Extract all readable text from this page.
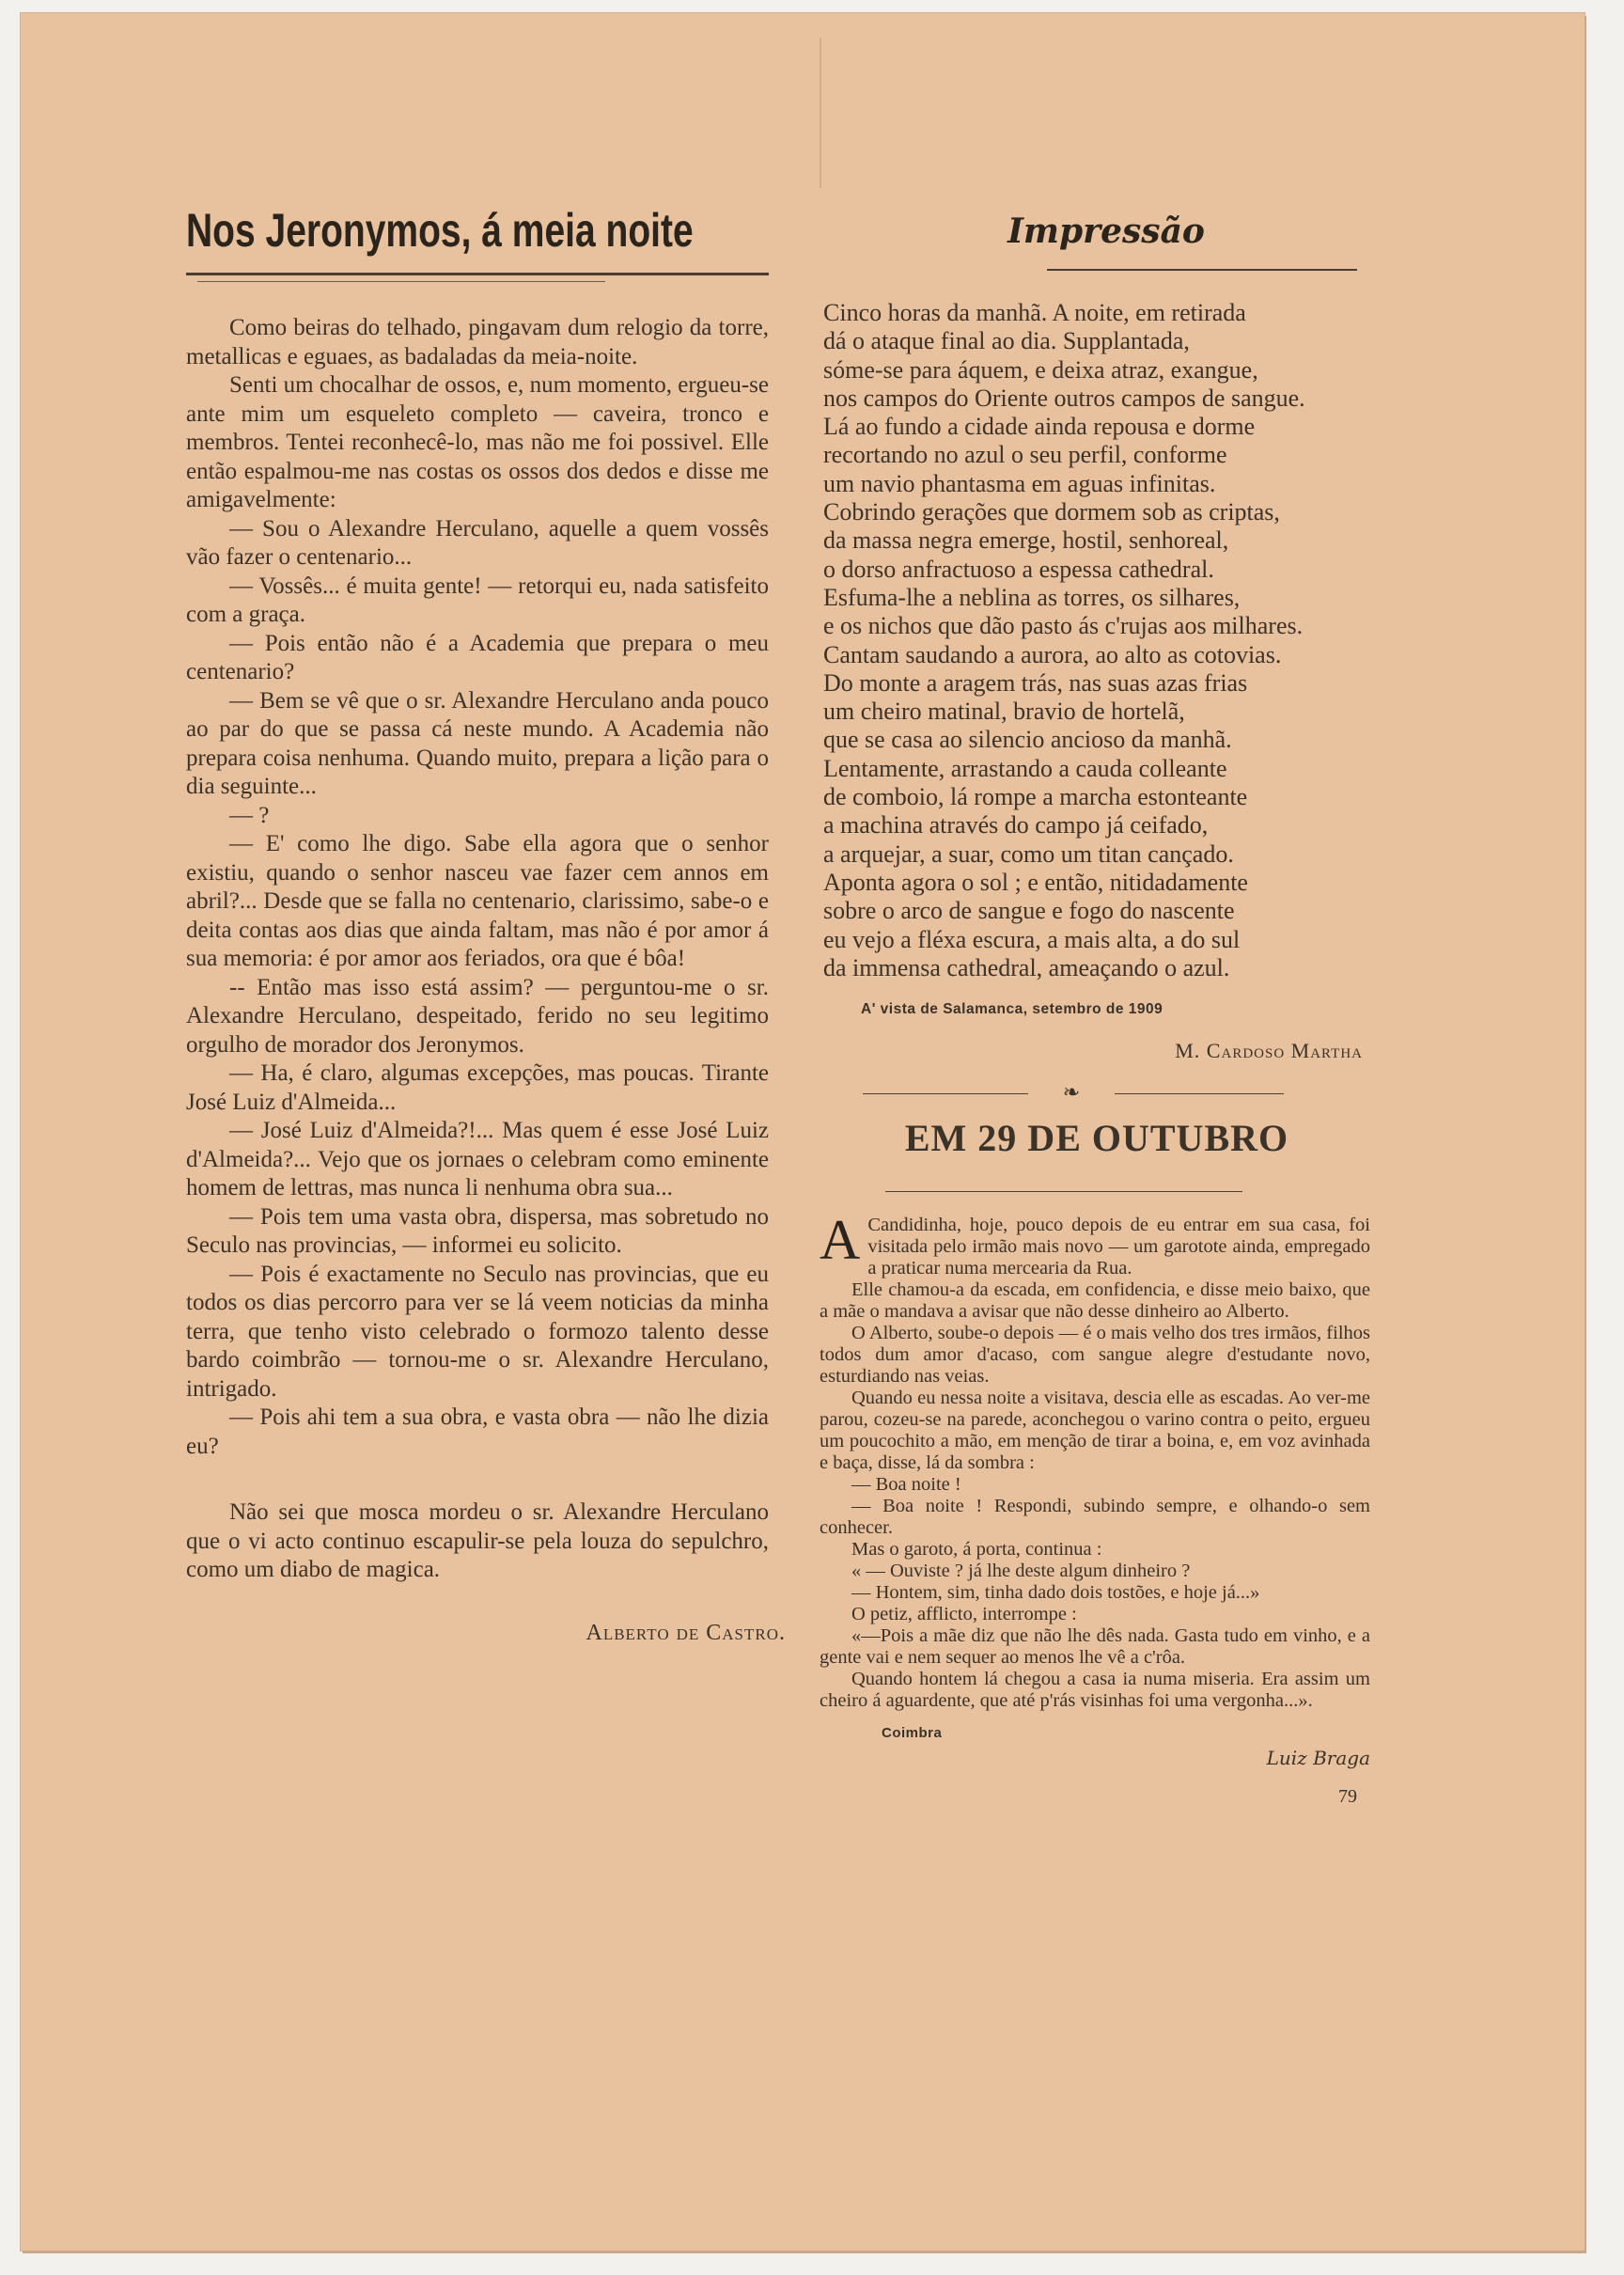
Nos Jeronymos, á meia noite

Como beiras do telhado, pingavam dum relogio da torre, metallicas e eguaes, as badaladas da meia-noite.

Senti um chocalhar de ossos, e, num momento, ergueu-se ante mim um esqueleto completo — caveira, tronco e membros. Tentei reconhecê-lo, mas não me foi possivel. Elle então espalmou-me nas costas os ossos dos dedos e disse me amigavelmente:

— Sou o Alexandre Herculano, aquelle a quem vossês vão fazer o centenario...

— Vossês... é muita gente! — retorqui eu, nada satisfeito com a graça.

— Pois então não é a Academia que prepara o meu centenario?

— Bem se vê que o sr. Alexandre Herculano anda pouco ao par do que se passa cá neste mundo. A Academia não prepara coisa nenhuma. Quando muito, prepara a lição para o dia seguinte...

— ?

— E' como lhe digo. Sabe ella agora que o senhor existiu, quando o senhor nasceu vae fazer cem annos em abril?... Desde que se falla no centenario, clarissimo, sabe-o e deita contas aos dias que ainda faltam, mas não é por amor á sua memoria: é por amor aos feriados, ora que é bôa!

-- Então mas isso está assim? — perguntou-me o sr. Alexandre Herculano, despeitado, ferido no seu legitimo orgulho de morador dos Jeronymos.

— Ha, é claro, algumas excepções, mas poucas. Tirante José Luiz d'Almeida...

— José Luiz d'Almeida?!... Mas quem é esse José Luiz d'Almeida?... Vejo que os jornaes o celebram como eminente homem de lettras, mas nunca li nenhuma obra sua...

— Pois tem uma vasta obra, dispersa, mas sobretudo no Seculo nas provincias, — informei eu solicito.

— Pois é exactamente no Seculo nas provincias, que eu todos os dias percorro para ver se lá veem noticias da minha terra, que tenho visto celebrado o formozo talento desse bardo coimbrão — tornou-me o sr. Alexandre Herculano, intrigado.

— Pois ahi tem a sua obra, e vasta obra — não lhe dizia eu?

Não sei que mosca mordeu o sr. Alexandre Herculano que o vi acto continuo escapulir-se pela louza do sepulchro, como um diabo de magica.

Alberto de Castro.
Impressão
Cinco horas da manhã. A noite, em retirada
dá o ataque final ao dia. Supplantada,
sóme-se para áquem, e deixa atraz, exangue,
nos campos do Oriente outros campos de sangue.
Lá ao fundo a cidade ainda repousa e dorme
recortando no azul o seu perfil, conforme
um navio phantasma em aguas infinitas.
Cobrindo gerações que dormem sob as criptas,
da massa negra emerge, hostil, senhoreal,
o dorso anfractuoso a espessa cathedral.
Esfuma-lhe a neblina as torres, os silhares,
e os nichos que dão pasto ás c'rujas aos milhares.
Cantam saudando a aurora, ao alto as cotovias.
Do monte a aragem trás, nas suas azas frias
um cheiro matinal, bravio de hortelã,
que se casa ao silencio ancioso da manhã.
Lentamente, arrastando a cauda colleante
de comboio, lá rompe a marcha estonteante
a machina através do campo já ceifado,
a arquejar, a suar, como um titan cançado.
Aponta agora o sol ; e então, nitidadamente
sobre o arco de sangue e fogo do nascente
eu vejo a fléxa escura, a mais alta, a do sul
da immensa cathedral, ameaçando o azul.
A' vista de Salamanca, setembro de 1909
M. Cardoso Martha
❧
EM 29 DE OUTUBRO

A Candidinha, hoje, pouco depois de eu entrar em sua casa, foi visitada pelo irmão mais novo — um garotote ainda, empregado a praticar numa mercearia da Rua.

Elle chamou-a da escada, em confidencia, e disse meio baixo, que a mãe o mandava a avisar que não desse dinheiro ao Alberto.

O Alberto, soube-o depois — é o mais velho dos tres irmãos, filhos todos dum amor d'acaso, com sangue alegre d'estudante novo, esturdiando nas veias.

Quando eu nessa noite a visitava, descia elle as escadas. Ao ver-me parou, cozeu-se na parede, aconchegou o varino contra o peito, ergueu um poucochito a mão, em menção de tirar a boina, e, em voz avinhada e baça, disse, lá da sombra :

— Boa noite !

— Boa noite ! Respondi, subindo sempre, e olhando-o sem conhecer.

Mas o garoto, á porta, continua :

« — Ouviste ? já lhe deste algum dinheiro ?

— Hontem, sim, tinha dado dois tostões, e hoje já...»

O petiz, afflicto, interrompe :

«—Pois a mãe diz que não lhe dês nada. Gasta tudo em vinho, e a gente vai e nem sequer ao menos lhe vê a c'rôa.

Quando hontem lá chegou a casa ia numa miseria. Era assim um cheiro á aguardente, que até p'rás visinhas foi uma vergonha...».

Coimbra
Luiz Braga
79
